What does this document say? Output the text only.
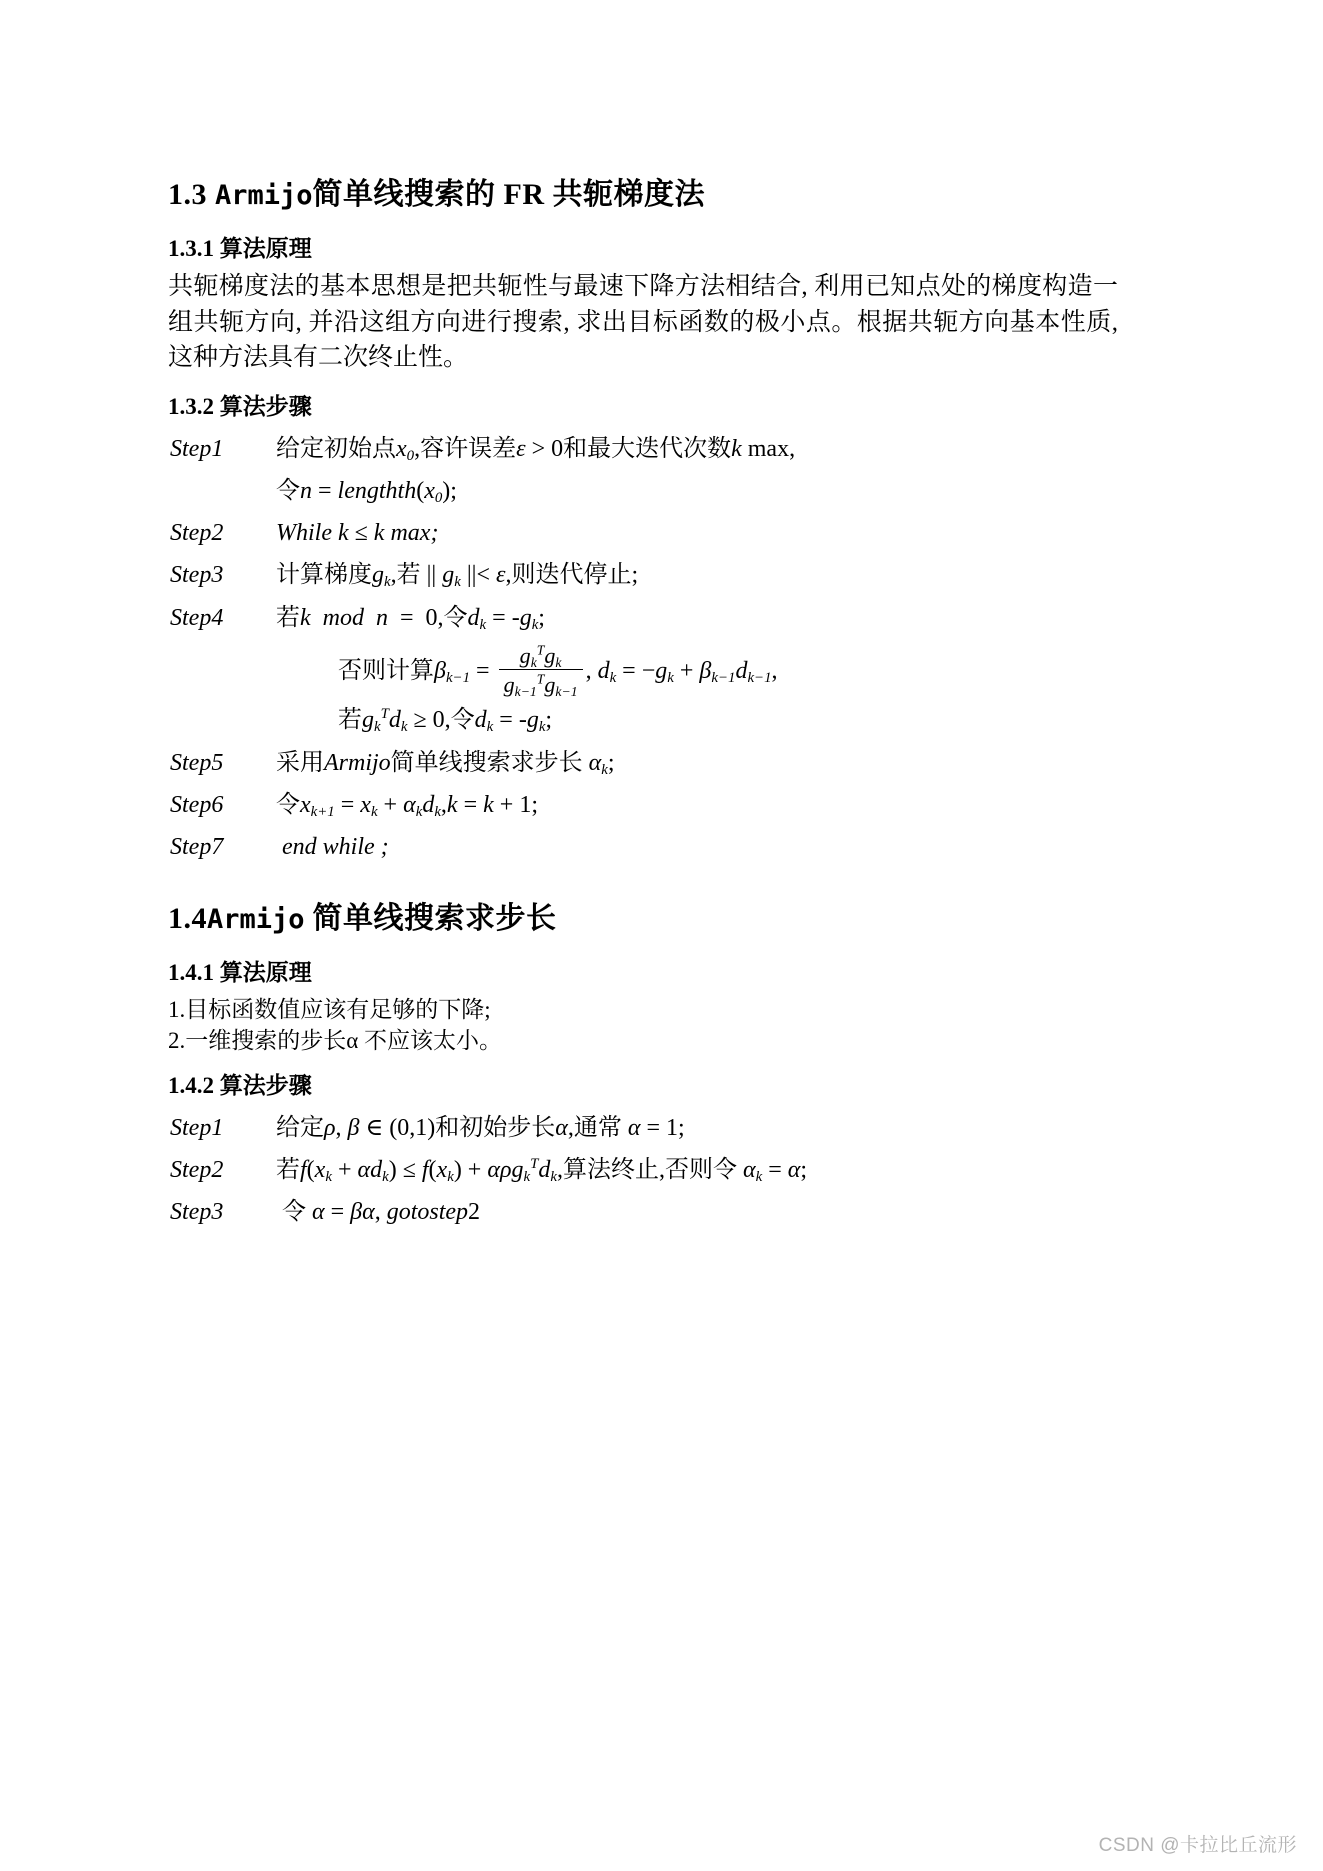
1.3 Armijo简单线搜索的 FR 共轭梯度法
1.3.1 算法原理

共轭梯度法的基本思想是把共轭性与最速下降方法相结合, 利用已知点处的梯度构造一组共轭方向, 并沿这组方向进行搜索, 求出目标函数的极小点。根据共轭方向基本性质, 这种方法具有二次终止性。

1.3.2 算法步骤
Step1	给定初始点$x_0$,容许误差ε > 0和最大迭代次数k max,
令$n = lengthth(x_0)$;
Step2	While k ≤ k max;
Step3	计算梯度$g_k$,若 || $g_k$ ||< ε,则迭代停止;
Step4	若k mod n  =  0,令$d_k = -g_k$;
否则计算$\beta_{k-1} = \frac{g_k^Tg_k}{g_{k-1}^Tg_{k-1}}$ , $d_k = -g_k + \beta_{k-1}d_{k-1}$,
若$g_k^Td_k \ge 0$,令$d_k = -g_k$;
Step5	采用Armijo简单线搜索求步长 $\alpha_k$;
Step6	令$x_{k+1} = x_k + \alpha_kd_k,k = k + 1$;
Step7	end while ;
1.4Armijo 简单线搜索求步长
1.4.1 算法原理

1.目标函数值应该有足够的下降;

2.一维搜索的步长α 不应该太小。

1.4.2 算法步骤
Step1	给定ρ, β ∈ (0,1)和初始步长α,通常 α = 1;
Step2	若$f(x_k + \alpha d_k) \le f(x_k) + \alpha\rho g_k^Td_k$,算法终止,否则令 $\alpha_k = \alpha$;
Step3	令 α = βα, gotostep2
CSDN @卡拉比丘流形
